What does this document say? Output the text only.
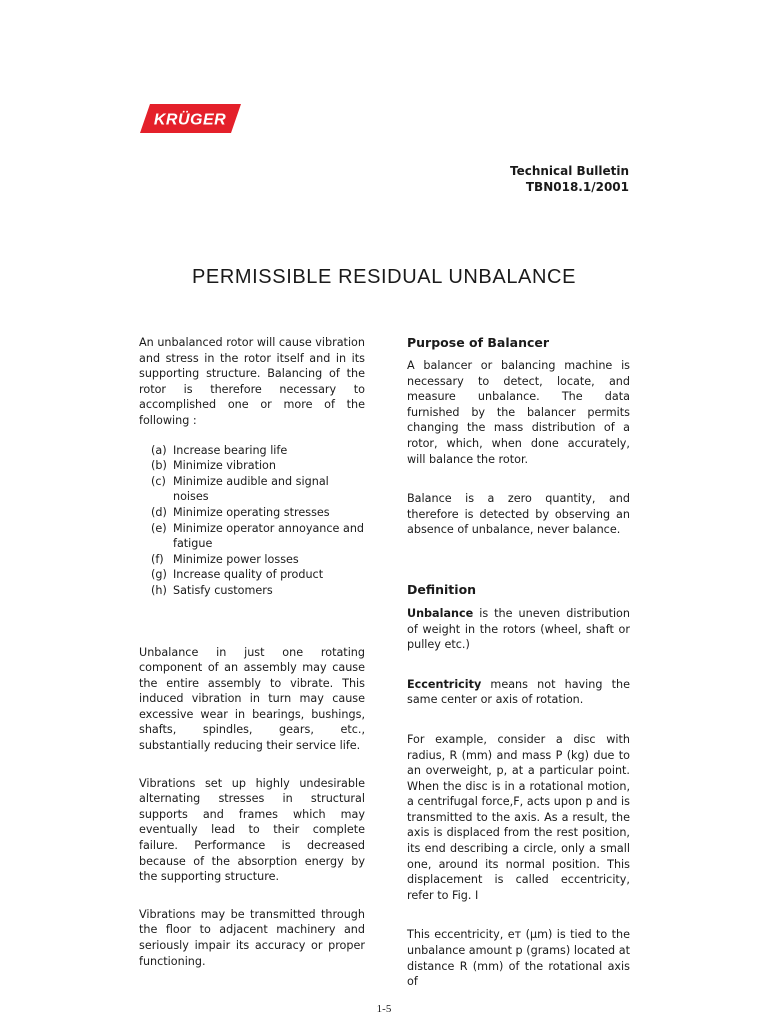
KRÜGER
Technical Bulletin
TBN018.1/2001
PERMISSIBLE RESIDUAL UNBALANCE

An unbalanced rotor will cause vibration and stress in the rotor itself and in its supporting structure. Balancing of the rotor is therefore necessary to accomplished one or more of the following :

(a) Increase bearing life
(b) Minimize vibration
(c) Minimize audible and signal noises
(d) Minimize operating stresses
(e) Minimize operator annoyance and fatigue
(f) Minimize power losses
(g) Increase quality of product
(h) Satisfy customers

Unbalance in just one rotating component of an assembly may cause the entire assembly to vibrate. This induced vibration in turn may cause excessive wear in bearings, bushings, shafts, spindles, gears, etc., substantially reducing their service life.

Vibrations set up highly undesirable alternating stresses in structural supports and frames which may eventually lead to their complete failure. Performance is decreased because of the absorption energy by the supporting structure.

Vibrations may be transmitted through the floor to adjacent machinery and seriously impair its accuracy or proper functioning.

Purpose of Balancer

A balancer or balancing machine is necessary to detect, locate, and measure unbalance. The data furnished by the balancer permits changing the mass distribution of a rotor, which, when done accurately, will balance the rotor.

Balance is a zero quantity, and therefore is detected by observing an absence of unbalance, never balance.

Definition

Unbalance is the uneven distribution of weight in the rotors (wheel, shaft or pulley etc.)

Eccentricity means not having the same center or axis of rotation.

For example, consider a disc with radius, R (mm) and mass P (kg) due to an overweight, p, at a particular point. When the disc is in a rotational motion, a centrifugal force,F, acts upon p and is transmitted to the axis. As a result, the axis is displaced from the rest position, its end describing a circle, only a small one, around its normal position. This displacement is called eccentricity, refer to Fig. I

This eccentricity, eт (µm) is tied to the unbalance amount p (grams) located at distance R (mm) of the rotational axis of

1-5
